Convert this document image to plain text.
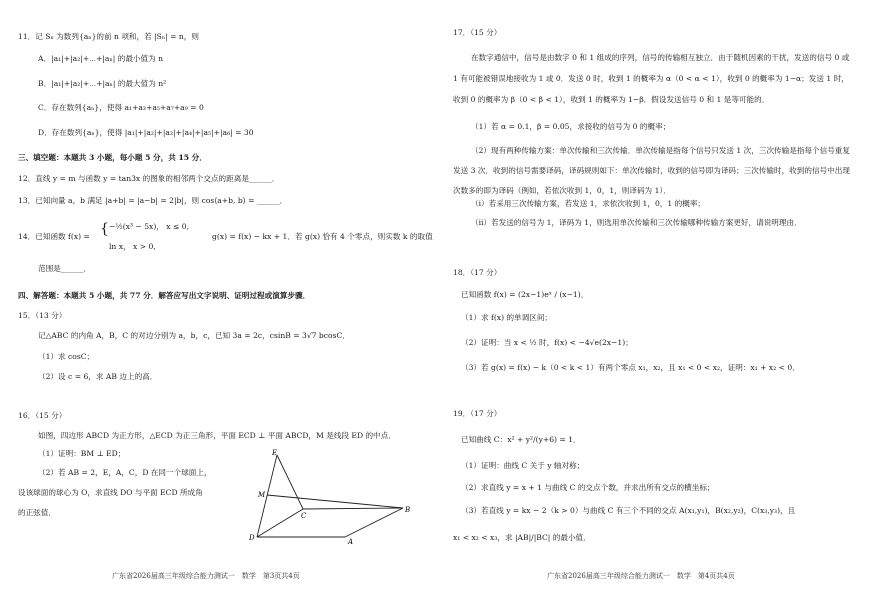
11．记 Sₙ 为数列{aₙ}的前 n 项和，若 |Sₙ| = n，则
A．|a₁|+|a₂|+⋯+|aₙ| 的最小值为 n
B．|a₁|+|a₂|+⋯+|aₙ| 的最大值为 n²
C．存在数列{aₙ}，使得 a₁+a₃+a₅+a₇+a₉ = 0
D．存在数列{aₙ}，使得 |a₁|+|a₂|+|a₃|+|a₄|+|a₅|+|a₆| = 30
三、填空题：本题共 3 小题，每小题 5 分，共 15 分．
12．直线 y = m 与函数 y = tan3x 的图象的相邻两个交点的距离是______．
13．已知向量 a，b 满足 |a+b| = |a−b| = 2|b|，则 cos⟨a+b, b⟩ = ______．
14．已知函数 f(x) = { −½(x³ − 5x)， x ≤ 0,
ln x， x > 0,
g(x) = f(x) − kx + 1．若 g(x) 恰有 4 个零点，则实数 k 的取值
范围是______．
四、解答题：本题共 5 小题，共 77 分．解答应写出文字说明、证明过程或演算步骤．
15．（13 分）
记△ABC 的内角 A，B，C 的对边分别为 a，b，c，已知 3a = 2c，csinB = 3√7 bcosC．
（1）求 cosC；
（2）设 c = 6，求 AB 边上的高．
16．（15 分）
如图，四边形 ABCD 为正方形，△ECD 为正三角形，平面 ECD ⊥ 平面 ABCD，M 是线段 ED 的中点．
（1）证明：BM ⊥ ED；
（2）若 AB = 2，E，A，C，D 在同一个球面上，
设该球面的球心为 O，求直线 DO 与平面 ECD 所成角
的正弦值．
E
M
C
B
D	A
广东省2026届高三年级综合能力测试一　数学　第3页共4页
17．（15 分）
在数字通信中，信号是由数字 0 和 1 组成的序列，信号的传输相互独立．由于随机因素的干扰，发送的信号 0 或 1 有可能被错误地接收为 1 或 0．发送 0 时，收到 1 的概率为 α（0 < α < 1），收到 0 的概率为 1−α；发送 1 时，收到 0 的概率为 β（0 < β < 1），收到 1 的概率为 1−β．假设发送信号 0 和 1 是等可能的．
（1）若 α = 0.1，β = 0.05，求接收的信号为 0 的概率；
（2）现有两种传输方案：单次传输和三次传输．单次传输是指每个信号只发送 1 次，三次传输是指每个信号重复发送 3 次．收到的信号需要译码，译码规则如下：单次传输时，收到的信号即为译码；三次传输时，收到的信号中出现次数多的即为译码（例如，若依次收到 1，0，1，则译码为 1）．
（i）若采用三次传输方案，若发送 1，求依次收到 1，0，1 的概率；
（ii）若发送的信号为 1，译码为 1，则选用单次传输和三次传输哪种传输方案更好，请说明理由．
18．（17 分）
已知函数 f(x) = (2x−1)eˣ / (x−1)．
（1）求 f(x) 的单调区间；
（2）证明：当 x < ½ 时，f(x) < −4√e(2x−1)；
（3）若 g(x) = f(x) − k（0 < k < 1）有两个零点 x₁，x₂，且 x₁ < 0 < x₂，证明：x₁ + x₂ < 0．
19．（17 分）
已知曲线 C：x² + y²/(y+6) = 1．
（1）证明：曲线 C 关于 y 轴对称；
（2）求直线 y = x + 1 与曲线 C 的交点个数，并求出所有交点的横坐标；
（3）若直线 y = kx − 2（k > 0）与曲线 C 有三个不同的交点 A(x₁,y₁)，B(x₂,y₂)，C(x₃,y₃)，且
x₁ < x₂ < x₃，求 |AB|/|BC| 的最小值．
广东省2026届高三年级综合能力测试一　数学　第4页共4页
